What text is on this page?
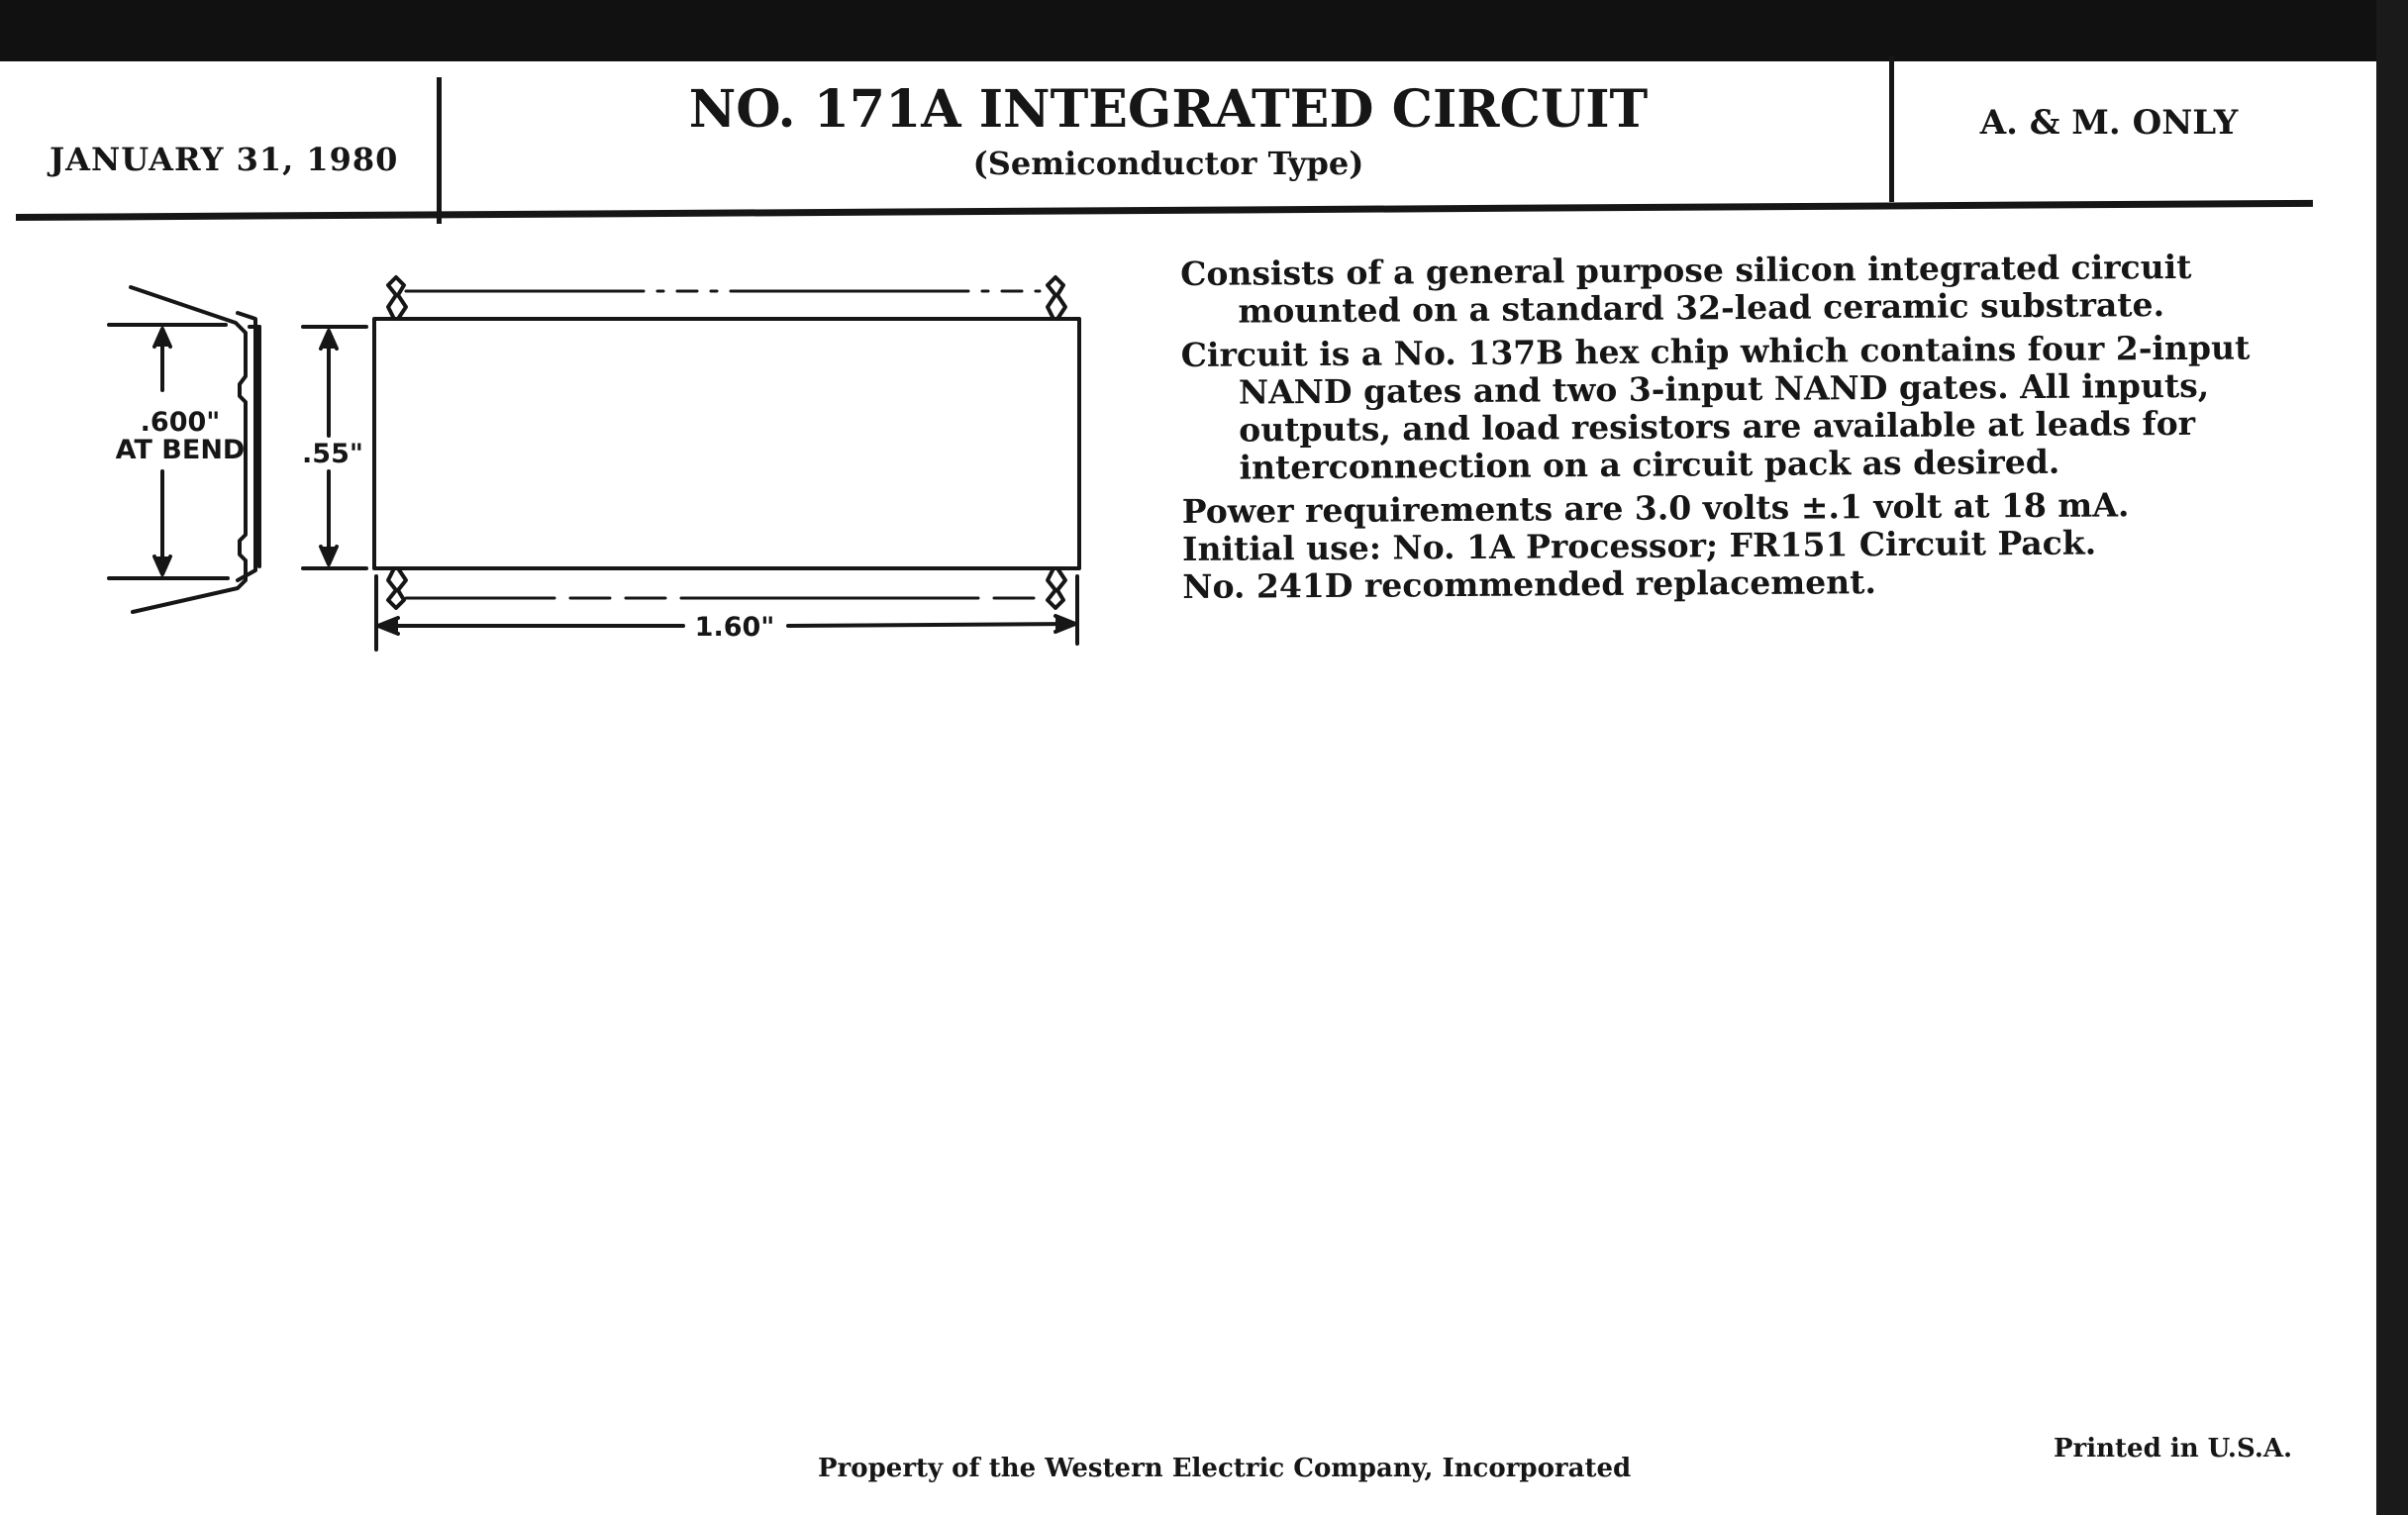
JANUARY 31, 1980
NO. 171A INTEGRATED CIRCUIT
(Semiconductor Type)
A. & M. ONLY
.600"
AT BEND .55"
1.60"

Consists of a general purpose silicon integrated circuit mounted on a standard 32-lead ceramic substrate.

Circuit is a No. 137B hex chip which contains four 2-input NAND gates and two 3-input NAND gates. All inputs, outputs, and load resistors are available at leads for interconnection on a circuit pack as desired.

Power requirements are 3.0 volts ±.1 volt at 18 mA.

Initial use: No. 1A Processor; FR151 Circuit Pack.

No. 241D recommended replacement.

Property of the Western Electric Company, Incorporated
Printed in U.S.A.
